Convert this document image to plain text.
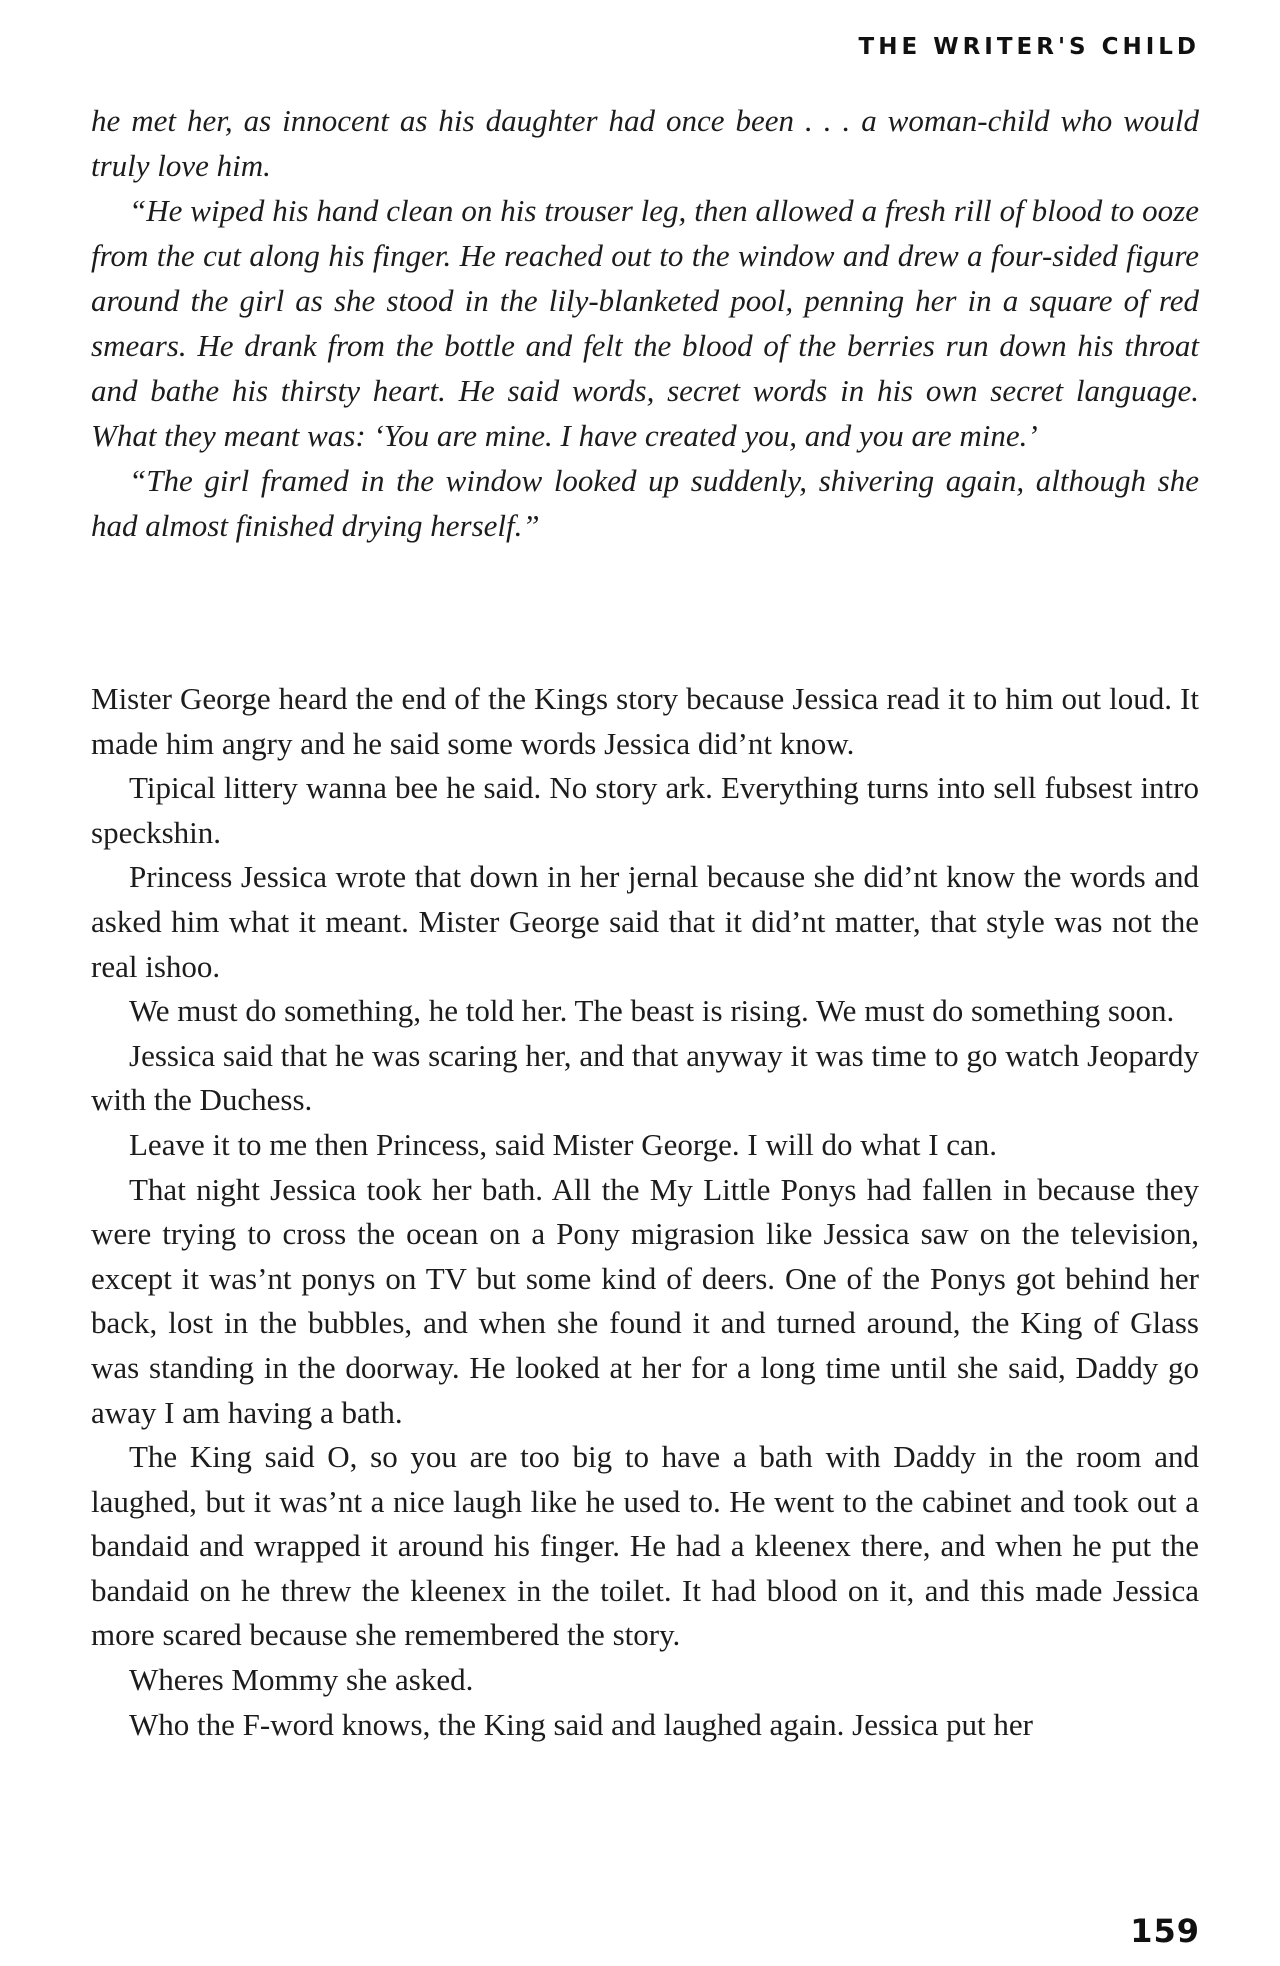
THE WRITER'S CHILD

he met her, as innocent as his daughter had once been . . . a woman-child who would truly love him.

“He wiped his hand clean on his trouser leg, then allowed a fresh rill of blood to ooze from the cut along his finger. He reached out to the window and drew a four-sided figure around the girl as she stood in the lily-blanketed pool, penning her in a square of red smears. He drank from the bottle and felt the blood of the berries run down his throat and bathe his thirsty heart. He said words, secret words in his own secret language. What they meant was: ‘You are mine. I have created you, and you are mine.’

“The girl framed in the window looked up suddenly, shivering again, although she had almost finished drying herself.”

Mister George heard the end of the Kings story because Jessica read it to him out loud. It made him angry and he said some words Jessica did’nt know.

Tipical littery wanna bee he said. No story ark. Everything turns into sell fubsest intro speckshin.

Princess Jessica wrote that down in her jernal because she did’nt know the words and asked him what it meant. Mister George said that it did’nt matter, that style was not the real ishoo.

We must do something, he told her. The beast is rising. We must do something soon.

Jessica said that he was scaring her, and that anyway it was time to go watch Jeopardy with the Duchess.

Leave it to me then Princess, said Mister George. I will do what I can.

That night Jessica took her bath. All the My Little Ponys had fallen in because they were trying to cross the ocean on a Pony migrasion like Jessica saw on the television, except it was’nt ponys on TV but some kind of deers. One of the Ponys got behind her back, lost in the bubbles, and when she found it and turned around, the King of Glass was standing in the doorway. He looked at her for a long time until she said, Daddy go away I am having a bath.

The King said O, so you are too big to have a bath with Daddy in the room and laughed, but it was’nt a nice laugh like he used to. He went to the cabinet and took out a bandaid and wrapped it around his finger. He had a kleenex there, and when he put the bandaid on he threw the kleenex in the toilet. It had blood on it, and this made Jessica more scared because she remembered the story.

Wheres Mommy she asked.

Who the F-word knows, the King said and laughed again. Jessica put her

159
